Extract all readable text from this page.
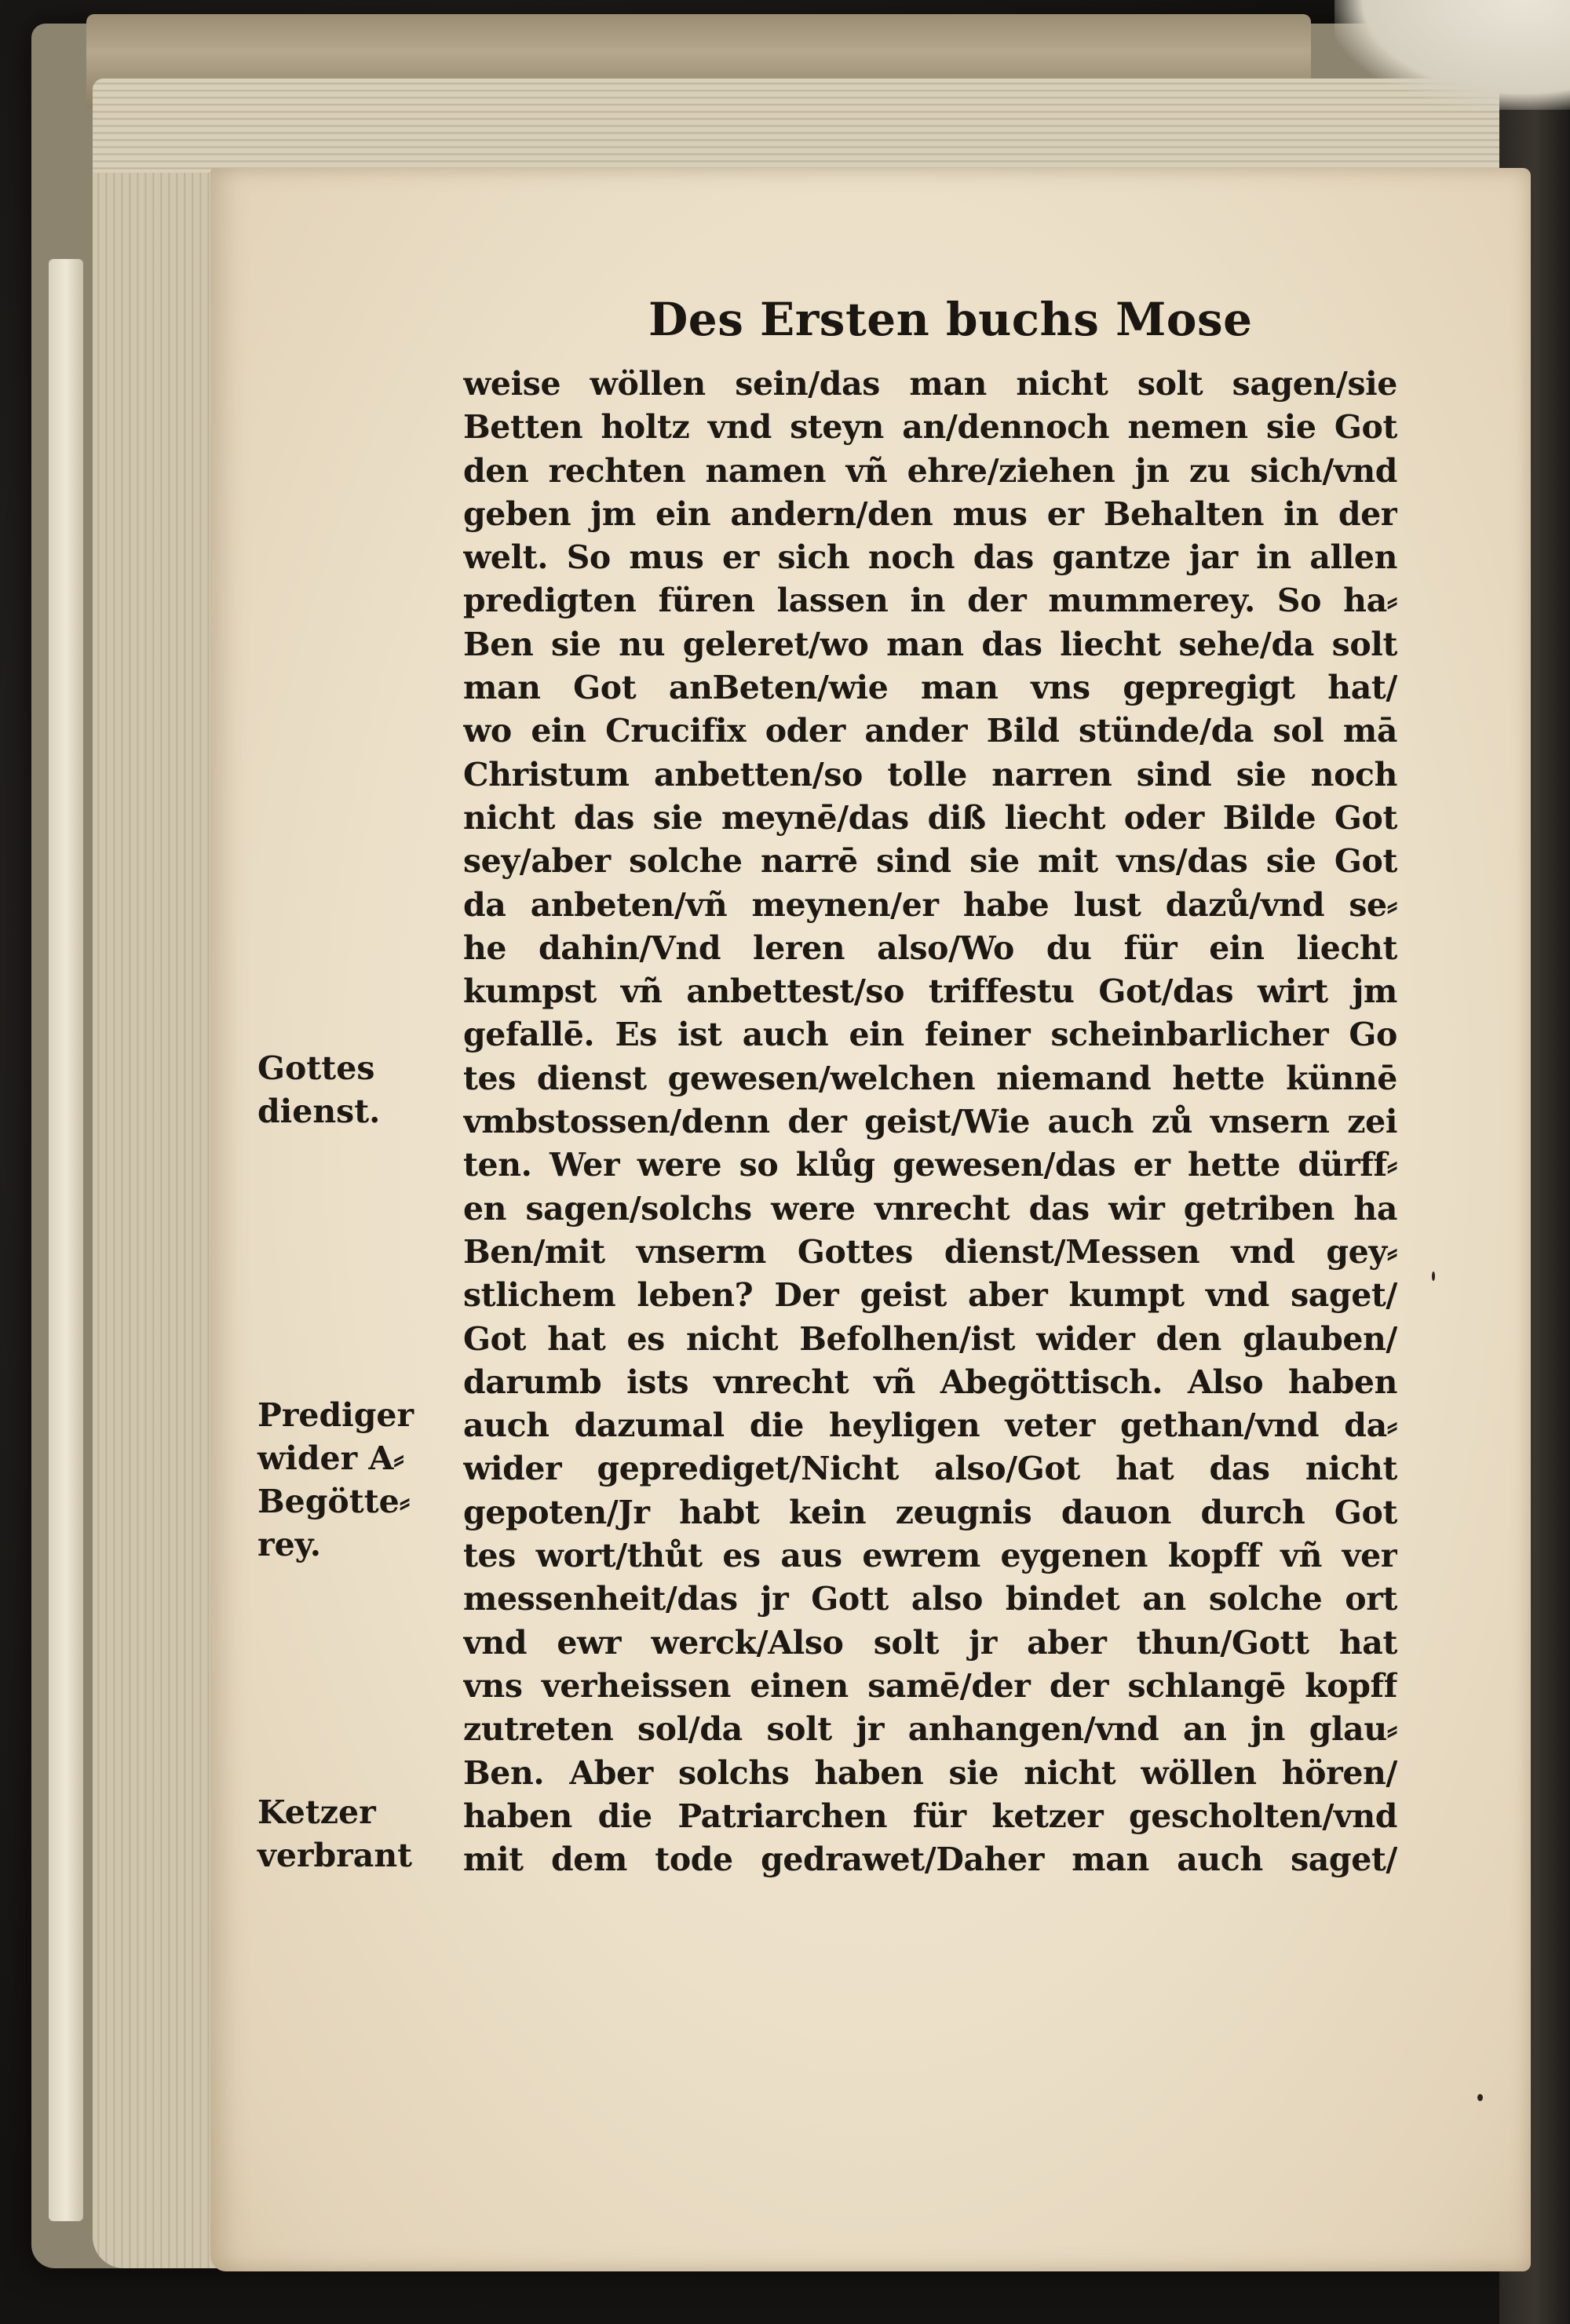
Des Ersten buchs Mose
weise wöllen sein/das man nicht solt sagen/sie
Betten holtz vnd steyn an/dennoch nemen sie Got
den rechten namen vñ ehre/ziehen jn zu sich/vnd
geben jm ein andern/den mus er Behalten in der
welt. So mus er sich noch das gantze jar in allen
predigten füren lassen in der mummerey. So ha⸗
Ben sie nu geleret/wo man das liecht sehe/da solt
man Got anBeten/wie man vns gepregigt hat/
wo ein Crucifix oder ander Bild stünde/da sol mā
Christum anbetten/so tolle narren sind sie noch
nicht das sie meynē/das diß liecht oder Bilde Got
sey/aber solche narrē sind sie mit vns/das sie Got
da anbeten/vñ meynen/er habe lust dazů/vnd se⸗
he dahin/Vnd leren also/Wo du für ein liecht
kumpst vñ anbettest/so triffestu Got/das wirt jm
gefallē. Es ist auch ein feiner scheinbarlicher Go
tes dienst gewesen/welchen niemand hette künnē
vmbstossen/denn der geist/Wie auch zů vnsern zei
ten. Wer were so klůg gewesen/das er hette dürff⸗
en sagen/solchs were vnrecht das wir getriben ha
Ben/mit vnserm Gottes dienst/Messen vnd gey⸗
stlichem leben? Der geist aber kumpt vnd saget/
Got hat es nicht Befolhen/ist wider den glauben/
darumb ists vnrecht vñ Abegöttisch. Also haben
auch dazumal die heyligen veter gethan/vnd da⸗
wider geprediget/Nicht also/Got hat das nicht
gepoten/Jr habt kein zeugnis dauon durch Got
tes wort/thůt es aus ewrem eygenen kopff vñ ver
messenheit/das jr Gott also bindet an solche ort
vnd ewr werck/Also solt jr aber thun/Gott hat
vns verheissen einen samē/der der schlangē kopff
zutreten sol/da solt jr anhangen/vnd an jn glau⸗
Ben. Aber solchs haben sie nicht wöllen hören/
haben die Patriarchen für ketzer gescholten/vnd
mit dem tode gedrawet/Daher man auch saget/
Gottes
dienst.
Prediger
wider A⸗
Begötte⸗
rey.
Ketzer
verbrant
